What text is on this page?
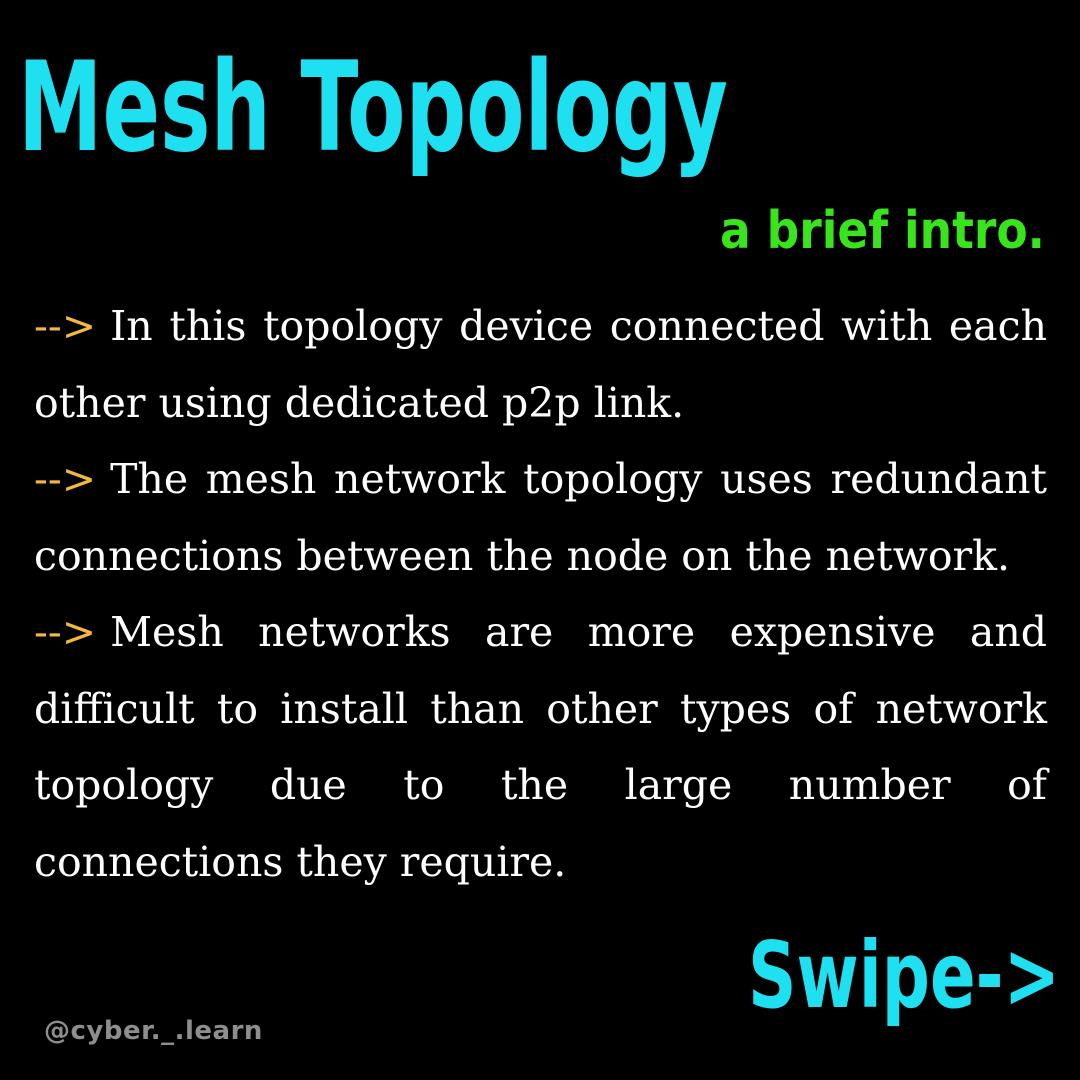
Mesh Topology
a brief intro.

--> In this topology device connected with each other using dedicated p2p link.

--> The mesh network topology uses redundant connections between the node on the network.

--> Mesh networks are more expensive and difficult to install than other types of network topology due to the large number of connections they require.

Swipe->
@cyber._.learn
